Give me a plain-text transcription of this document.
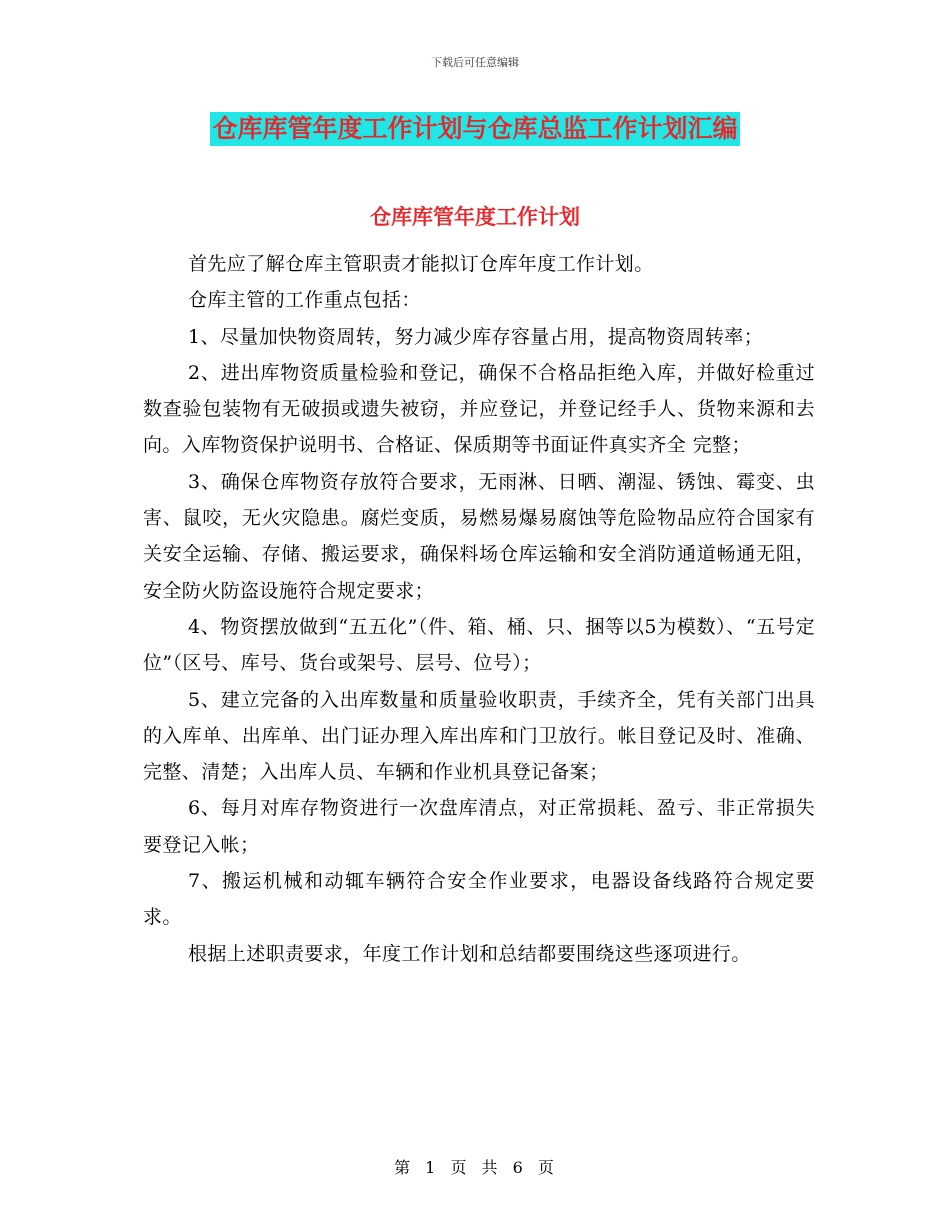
下载后可任意编辑
仓库库管年度工作计划与仓库总监工作计划汇编
仓库库管年度工作计划

首先应了解仓库主管职责才能拟订仓库年度工作计划。

仓库主管的工作重点包括：

1、尽量加快物资周转，努力减少库存容量占用，提高物资周转率；

2、进出库物资质量检验和登记，确保不合格品拒绝入库，并做好检重过数查验包装物有无破损或遗失被窃，并应登记，并登记经手人、货物来源和去向。入库物资保护说明书、合格证、保质期等书面证件真实齐全 完整；

3、确保仓库物资存放符合要求，无雨淋、日晒、潮湿、锈蚀、霉变、虫害、鼠咬，无火灾隐患。腐烂变质，易燃易爆易腐蚀等危险物品应符合国家有关安全运输、存储、搬运要求，确保料场仓库运输和安全消防通道畅通无阻，安全防火防盗设施符合规定要求；

4、物资摆放做到“五五化”（件、箱、桶、只、捆等以5为模数）、“五号定位”（区号、库号、货台或架号、层号、位号）；

5、建立完备的入出库数量和质量验收职责，手续齐全，凭有关部门出具的入库单、出库单、出门证办理入库出库和门卫放行。帐目登记及时、准确、完整、清楚；入出库人员、车辆和作业机具登记备案；

6、每月对库存物资进行一次盘库清点，对正常损耗、盈亏、非正常损失要登记入帐；

7、搬运机械和动辄车辆符合安全作业要求，电器设备线路符合规定要求。

根据上述职责要求，年度工作计划和总结都要围绕这些逐项进行。

第 1 页 共 6 页
